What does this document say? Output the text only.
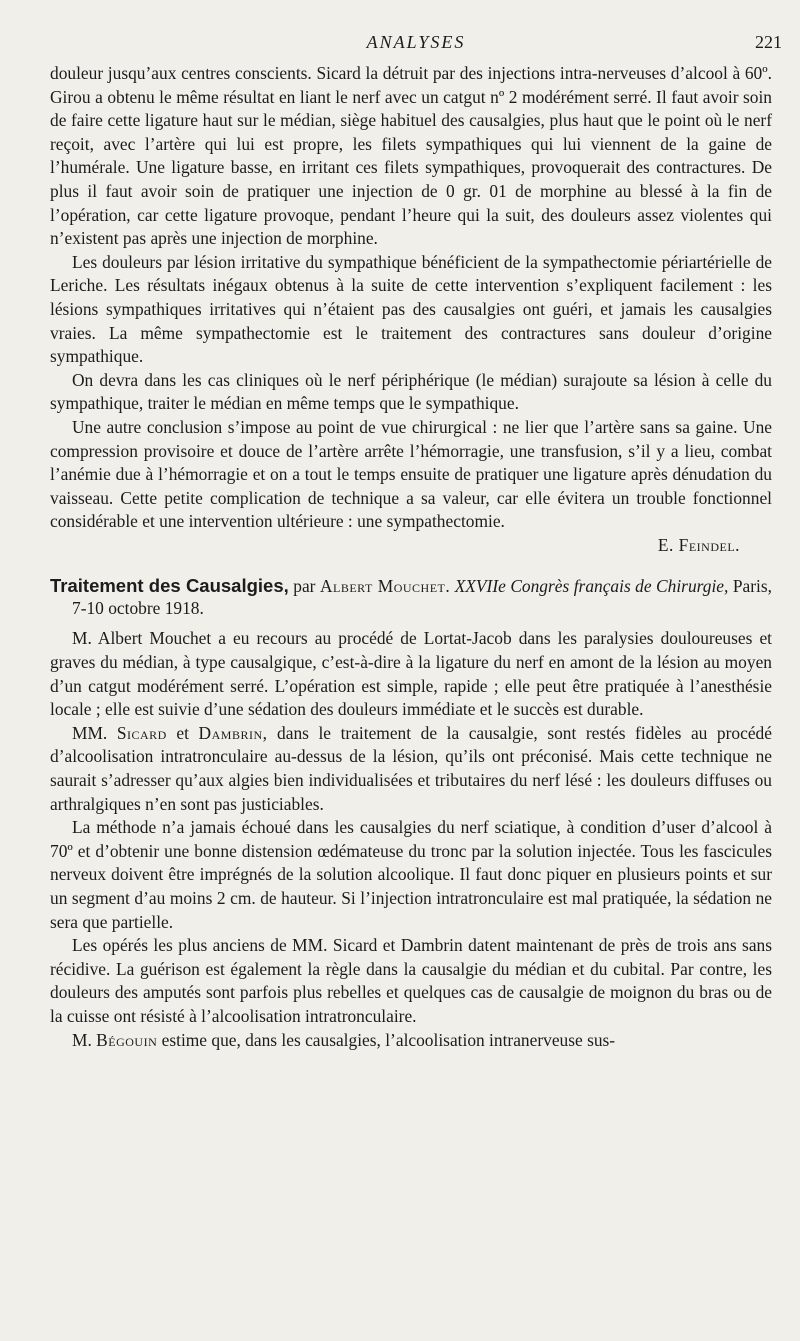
ANALYSES	221

douleur jusqu’aux centres conscients. Sicard la détruit par des injections intra-nerveuses d’alcool à 60º. Girou a obtenu le même résultat en liant le nerf avec un catgut nº 2 modérément serré. Il faut avoir soin de faire cette ligature haut sur le médian, siège habituel des causalgies, plus haut que le point où le nerf reçoit, avec l’artère qui lui est propre, les filets sympathiques qui lui viennent de la gaine de l’humérale. Une ligature basse, en irritant ces filets sympathiques, provoquerait des contractures. De plus il faut avoir soin de pratiquer une injection de 0 gr. 01 de morphine au blessé à la fin de l’opération, car cette ligature provoque, pendant l’heure qui la suit, des douleurs assez violentes qui n’existent pas après une injection de morphine.

Les douleurs par lésion irritative du sympathique bénéficient de la sympathectomie périartérielle de Leriche. Les résultats inégaux obtenus à la suite de cette intervention s’expliquent facilement : les lésions sympathiques irritatives qui n’étaient pas des causalgies ont guéri, et jamais les causalgies vraies. La même sympathectomie est le traitement des contractures sans douleur d’origine sympathique.

On devra dans les cas cliniques où le nerf périphérique (le médian) surajoute sa lésion à celle du sympathique, traiter le médian en même temps que le sympathique.

Une autre conclusion s’impose au point de vue chirurgical : ne lier que l’artère sans sa gaine. Une compression provisoire et douce de l’artère arrête l’hémorragie, une transfusion, s’il y a lieu, combat l’anémie due à l’hémorragie et on a tout le temps ensuite de pratiquer une ligature après dénudation du vaisseau. Cette petite complication de technique a sa valeur, car elle évitera un trouble fonctionnel considérable et une intervention ultérieure : une sympathectomie.

E. Feindel.

Traitement des Causalgies, par Albert Mouchet. XXVIIe Congrès français de Chirurgie, Paris, 7-10 octobre 1918.

M. Albert Mouchet a eu recours au procédé de Lortat-Jacob dans les paralysies douloureuses et graves du médian, à type causalgique, c’est-à-dire à la ligature du nerf en amont de la lésion au moyen d’un catgut modérément serré. L’opération est simple, rapide ; elle peut être pratiquée à l’anesthésie locale ; elle est suivie d’une sédation des douleurs immédiate et le succès est durable.

MM. Sicard et Dambrin, dans le traitement de la causalgie, sont restés fidèles au procédé d’alcoolisation intratronculaire au-dessus de la lésion, qu’ils ont préconisé. Mais cette technique ne saurait s’adresser qu’aux algies bien individualisées et tributaires du nerf lésé : les douleurs diffuses ou arthralgiques n’en sont pas justiciables.

La méthode n’a jamais échoué dans les causalgies du nerf sciatique, à condition d’user d’alcool à 70º et d’obtenir une bonne distension œdémateuse du tronc par la solution injectée. Tous les fascicules nerveux doivent être imprégnés de la solution alcoolique. Il faut donc piquer en plusieurs points et sur un segment d’au moins 2 cm. de hauteur. Si l’injection intratronculaire est mal pratiquée, la sédation ne sera que partielle.

Les opérés les plus anciens de MM. Sicard et Dambrin datent maintenant de près de trois ans sans récidive. La guérison est également la règle dans la causalgie du médian et du cubital. Par contre, les douleurs des amputés sont parfois plus rebelles et quelques cas de causalgie de moignon du bras ou de la cuisse ont résisté à l’alcoolisation intratronculaire.

M. Bégouin estime que, dans les causalgies, l’alcoolisation intranerveuse sus-
